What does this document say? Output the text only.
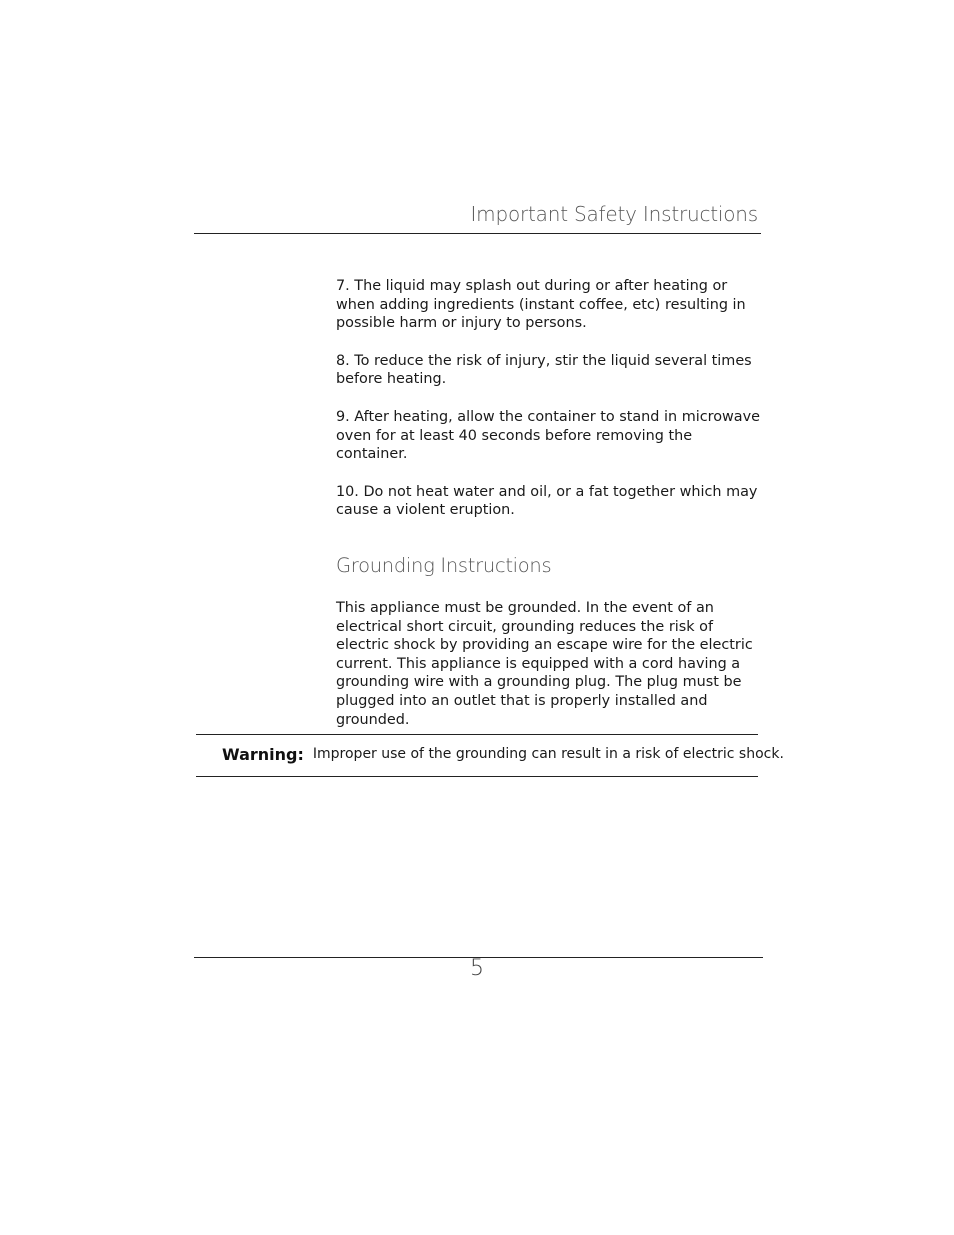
Important Safety Instructions

7. The liquid may splash out during or after heating or when adding ingredients (instant coffee, etc) resulting in possible harm or injury to persons.

8. To reduce the risk of injury, stir the liquid several times before heating.

9. After heating, allow the container to stand in microwave oven for at least 40 seconds before removing the container.

10. Do not heat water and oil, or a fat together which may cause a violent eruption.

Grounding Instructions

This appliance must be grounded. In the event of an electrical short circuit, grounding reduces the risk of electric shock by providing an escape wire for the electric current. This appliance is equipped with a cord having a grounding wire with a grounding plug. The plug must be plugged into an outlet that is properly installed and grounded.

Warning: Improper use of the grounding can result in a risk of electric shock.
5
